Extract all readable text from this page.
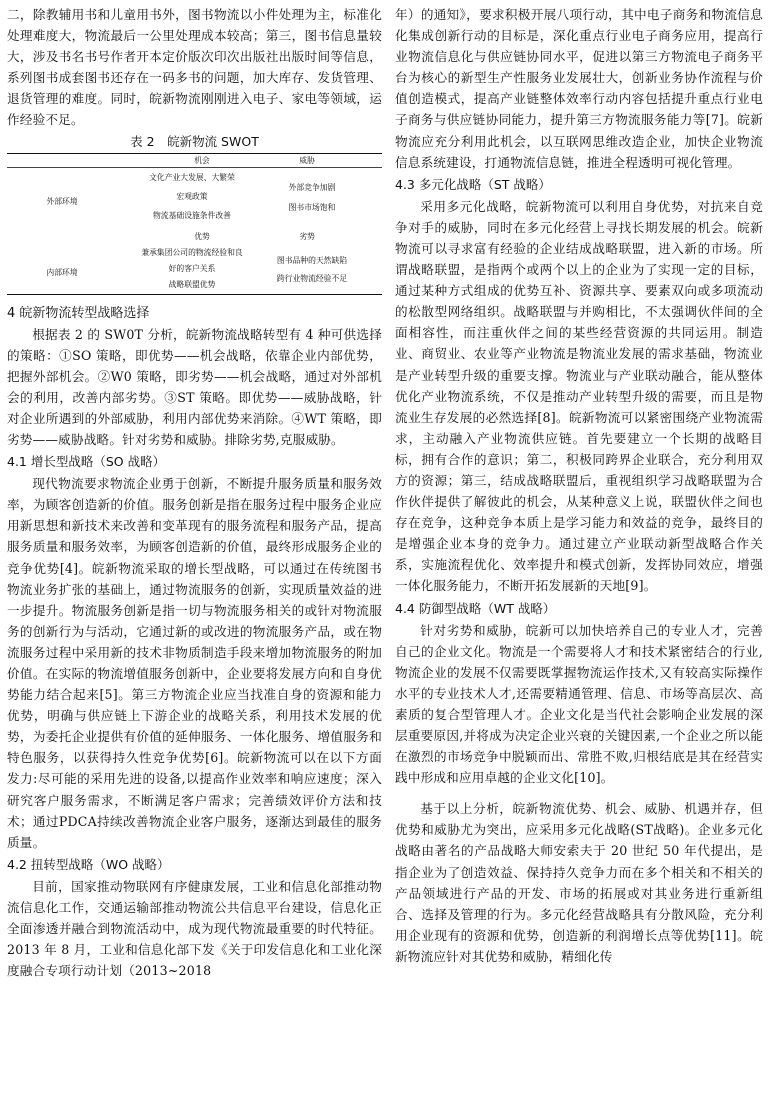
二，除教辅用书和儿童用书外，图书物流以小件处理为主，标准化处理难度大，物流最后一公里处理成本较高；第三，图书信息量较大，涉及书名书号作者开本定价版次印次出版社出版时间等信息，系列图书成套图书还存在一码多书的问题，加大库存、发货管理、退货管理的难度。同时，皖新物流刚刚进入电子、家电等领域，运作经验不足。

表 2　皖新物流 SWOT
机会	威胁
外部环境
文化产业大发展、大繁荣
宏观政策
物流基础设施条件改善
外部竞争加剧
图书市场饱和
优势	劣势
内部环境
兼承集团公司的物流经验和良
好的客户关系
战略联盟优势
图书品种的天然缺陷
跨行业物流经验不足
4 皖新物流转型战略选择

根据表 2 的 SW0T 分析，皖新物流战略转型有 4 种可供选择的策略：①SO 策略，即优势——机会战略，依靠企业内部优势，把握外部机会。②W0 策略，即劣势——机会战略，通过对外部机会的利用，改善内部劣势。③ST 策略。即优势——威胁战略，针对企业所遇到的外部威胁，利用内部优势来消除。④WT 策略，即劣势——威胁战略。针对劣势和威胁。排除劣势,克服威胁。

4.1 增长型战略（SO 战略）

现代物流要求物流企业勇于创新，不断提升服务质量和服务效率，为顾客创造新的价值。服务创新是指在服务过程中服务企业应用新思想和新技术来改善和变革现有的服务流程和服务产品，提高服务质量和服务效率，为顾客创造新的价值，最终形成服务企业的竞争优势[4]。皖新物流采取的增长型战略，可以通过在传统图书物流业务扩张的基础上，通过物流服务的创新，实现质量效益的进一步提升。物流服务创新是指一切与物流服务相关的或针对物流服务的创新行为与活动，它通过新的或改进的物流服务产品，或在物流服务过程中采用新的技术非物质制造手段来增加物流服务的附加价值。在实际的物流增值服务创新中，企业要将发展方向和自身优势能力结合起来[5]。第三方物流企业应当找准自身的资源和能力优势，明确与供应链上下游企业的战略关系，利用技术发展的优势，为委托企业提供有价值的延伸服务、一体化服务、增值服务和特色服务，以获得持久性竞争优势[6]。皖新物流可以在以下方面发力:尽可能的采用先进的设备,以提高作业效率和响应速度；深入研究客户服务需求，不断满足客户需求；完善绩效评价方法和技术；通过PDCA持续改善物流企业客户服务，逐渐达到最佳的服务质量。

4.2 扭转型战略（WO 战略）

目前，国家推动物联网有序健康发展，工业和信息化部推动物流信息化工作，交通运输部推动物流公共信息平台建设，信息化正全面渗透并融合到物流活动中，成为现代物流最重要的时代特征。2013 年 8 月，工业和信息化部下发《关于印发信息化和工业化深度融合专项行动计划（2013~2018

年）的通知》，要求积极开展八项行动，其中电子商务和物流信息化集成创新行动的目标是，深化重点行业电子商务应用，提高行业物流信息化与供应链协同水平，促进以第三方物流电子商务平台为核心的新型生产性服务业发展壮大，创新业务协作流程与价值创造模式，提高产业链整体效率行动内容包括提升重点行业电子商务与供应链协同能力，提升第三方物流服务能力等[7]。皖新物流应充分利用此机会，以互联网思维改造企业，加快企业物流信息系统建设，打通物流信息链，推进全程透明可视化管理。

4.3 多元化战略（ST 战略）

采用多元化战略，皖新物流可以利用自身优势，对抗来自竞争对手的威胁，同时在多元化经营上寻找长期发展的机会。皖新物流可以寻求富有经验的企业结成战略联盟，进入新的市场。所谓战略联盟，是指两个或两个以上的企业为了实现一定的目标，通过某种方式组成的优势互补、资源共享、要素双向或多项流动的松散型网络组织。战略联盟与并购相比，不太强调伙伴间的全面相容性，而注重伙伴之间的某些经营资源的共同运用。制造业、商贸业、农业等产业物流是物流业发展的需求基础，物流业是产业转型升级的重要支撑。物流业与产业联动融合，能从整体优化产业物流系统，不仅是推动产业转型升级的需要，而且是物流业生存发展的必然选择[8]。皖新物流可以紧密围绕产业物流需求，主动融入产业物流供应链。首先要建立一个长期的战略目标，拥有合作的意识；第二，积极同跨界企业联合，充分利用双方的资源；第三，结成战略联盟后，重视组织学习战略联盟为合作伙伴提供了解彼此的机会，从某种意义上说，联盟伙伴之间也存在竞争，这种竞争本质上是学习能力和效益的竞争，最终目的是增强企业本身的竞争力。通过建立产业联动新型战略合作关系，实施流程优化、效率提升和模式创新，发挥协同效应，增强一体化服务能力，不断开拓发展新的天地[9]。

4.4 防御型战略（WT 战略）

针对劣势和威胁，皖新可以加快培养自己的专业人才，完善自己的企业文化。物流是一个需要将人才和技术紧密结合的行业,物流企业的发展不仅需要既掌握物流运作技术,又有较高实际操作水平的专业技术人才,还需要精通管理、信息、市场等高层次、高素质的复合型管理人才。企业文化是当代社会影响企业发展的深层重要原因,并将成为决定企业兴衰的关键因素,一个企业之所以能在激烈的市场竞争中脱颖而出、常胜不败,归根结底是其在经营实践中形成和应用卓越的企业文化[10]。

基于以上分析，皖新物流优势、机会、威胁、机遇并存，但优势和威胁尤为突出，应采用多元化战略(ST战略)。企业多元化战略由著名的产品战略大师安索夫于 20 世纪 50 年代提出，是指企业为了创造效益、保持持久竞争力而在多个相关和不相关的产品领域进行产品的开发、市场的拓展或对其业务进行重新组合、选择及管理的行为。多元化经营战略具有分散风险，充分利用企业现有的资源和优势，创造新的利润增长点等优势[11]。皖新物流应针对其优势和威胁，精细化传
